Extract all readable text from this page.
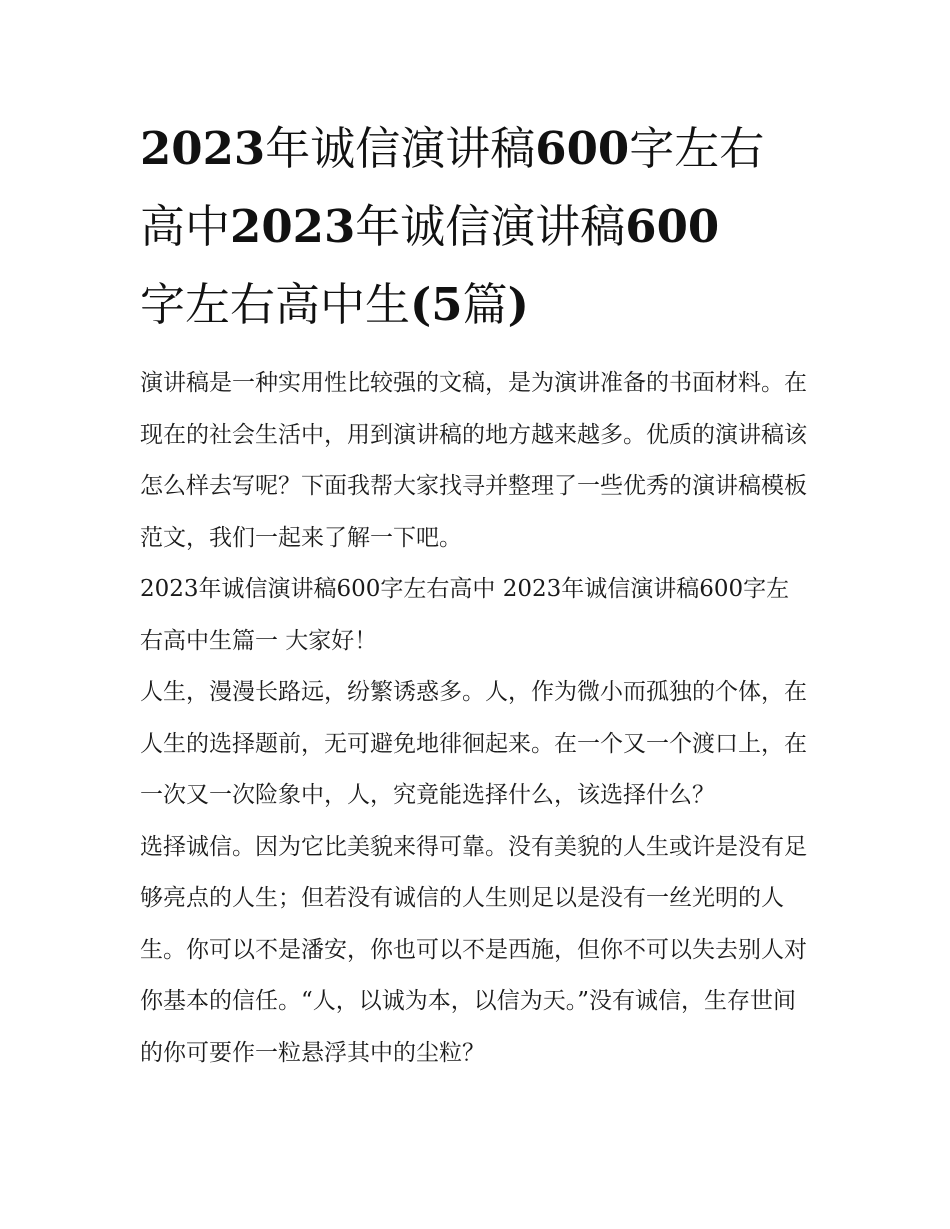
2023年诚信演讲稿600字左右
高中2023年诚信演讲稿600
字左右高中生(5篇)

演讲稿是一种实用性比较强的文稿，是为演讲准备的书面材料。在现在的社会生活中，用到演讲稿的地方越来越多。优质的演讲稿该怎么样去写呢？下面我帮大家找寻并整理了一些优秀的演讲稿模板范文，我们一起来了解一下吧。

2023年诚信演讲稿600字左右高中 2023年诚信演讲稿600字左右高中生篇一 大家好！

人生，漫漫长路远，纷繁诱惑多。人，作为微小而孤独的个体，在人生的选择题前，无可避免地徘徊起来。在一个又一个渡口上，在一次又一次险象中，人，究竟能选择什么，该选择什么？

选择诚信。因为它比美貌来得可靠。没有美貌的人生或许是没有足够亮点的人生；但若没有诚信的人生则足以是没有一丝光明的人生。你可以不是潘安，你也可以不是西施，但你不可以失去别人对你基本的信任。“人，以诚为本，以信为天。”没有诚信，生存世间的你可要作一粒悬浮其中的尘粒？
